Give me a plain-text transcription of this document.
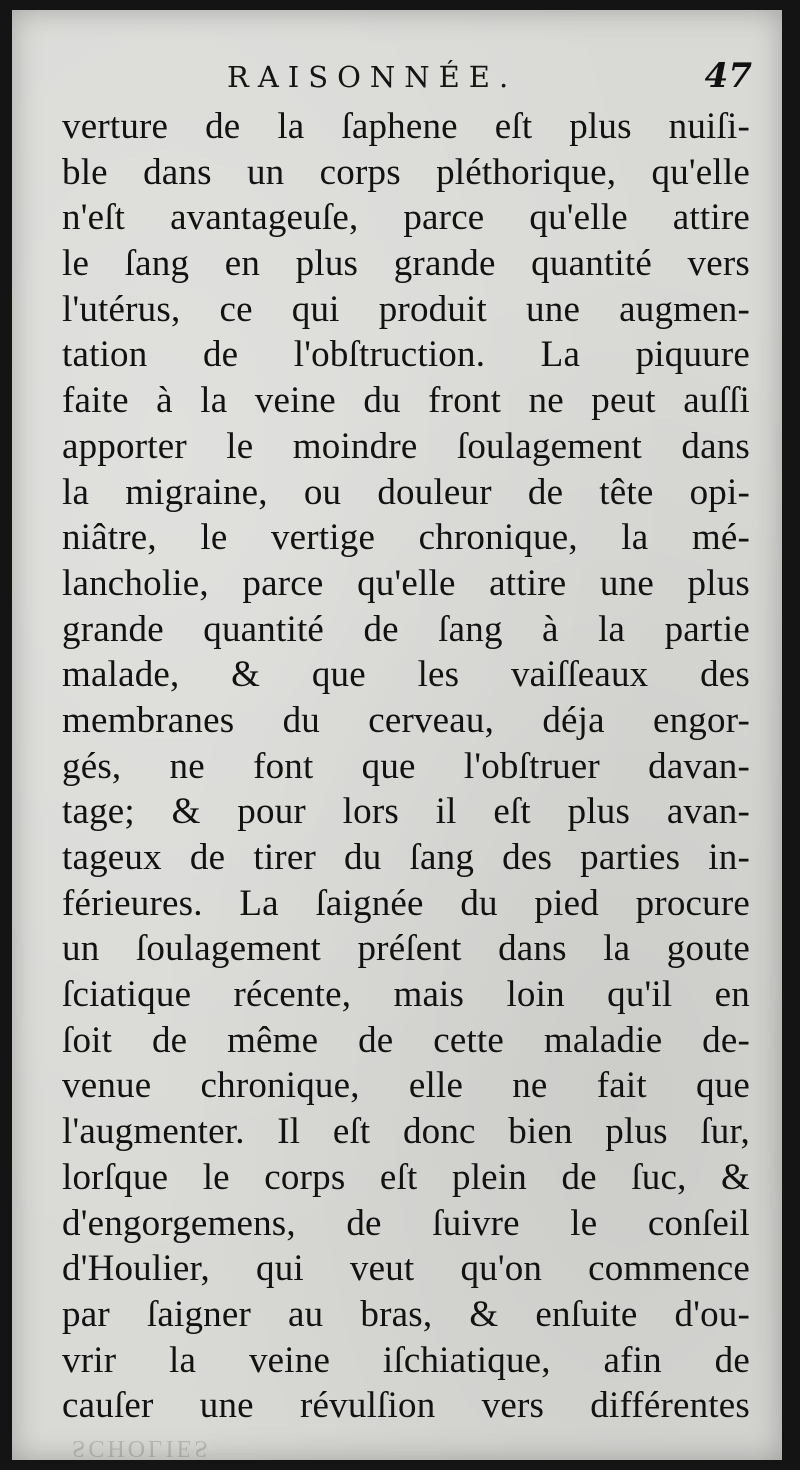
RAISONNÉE.	47
verture de la ſaphene eſt plus nuiſi-
ble dans un corps pléthorique, qu'elle
n'eſt avantageuſe, parce qu'elle attire
le ſang en plus grande quantité vers
l'utérus, ce qui produit une augmen-
tation de l'obſtruction. La piquure
faite à la veine du front ne peut auſſi
apporter le moindre ſoulagement dans
la migraine, ou douleur de tête opi-
niâtre, le vertige chronique, la mé-
lancholie, parce qu'elle attire une plus
grande quantité de ſang à la partie
malade, & que les vaiſſeaux des
membranes du cerveau, déja engor-
gés, ne font que l'obſtruer davan-
tage; & pour lors il eſt plus avan-
tageux de tirer du ſang des parties in-
férieures. La ſaignée du pied procure
un ſoulagement préſent dans la goute
ſciatique récente, mais loin qu'il en
ſoit de même de cette maladie de-
venue chronique, elle ne fait que
l'augmenter. Il eſt donc bien plus ſur,
lorſque le corps eſt plein de ſuc, &
d'engorgemens, de ſuivre le conſeil
d'Houlier, qui veut qu'on commence
par ſaigner au bras, & enſuite d'ou-
vrir la veine iſchiatique, afin de
cauſer une révulſion vers différentes
SCHOLIES
